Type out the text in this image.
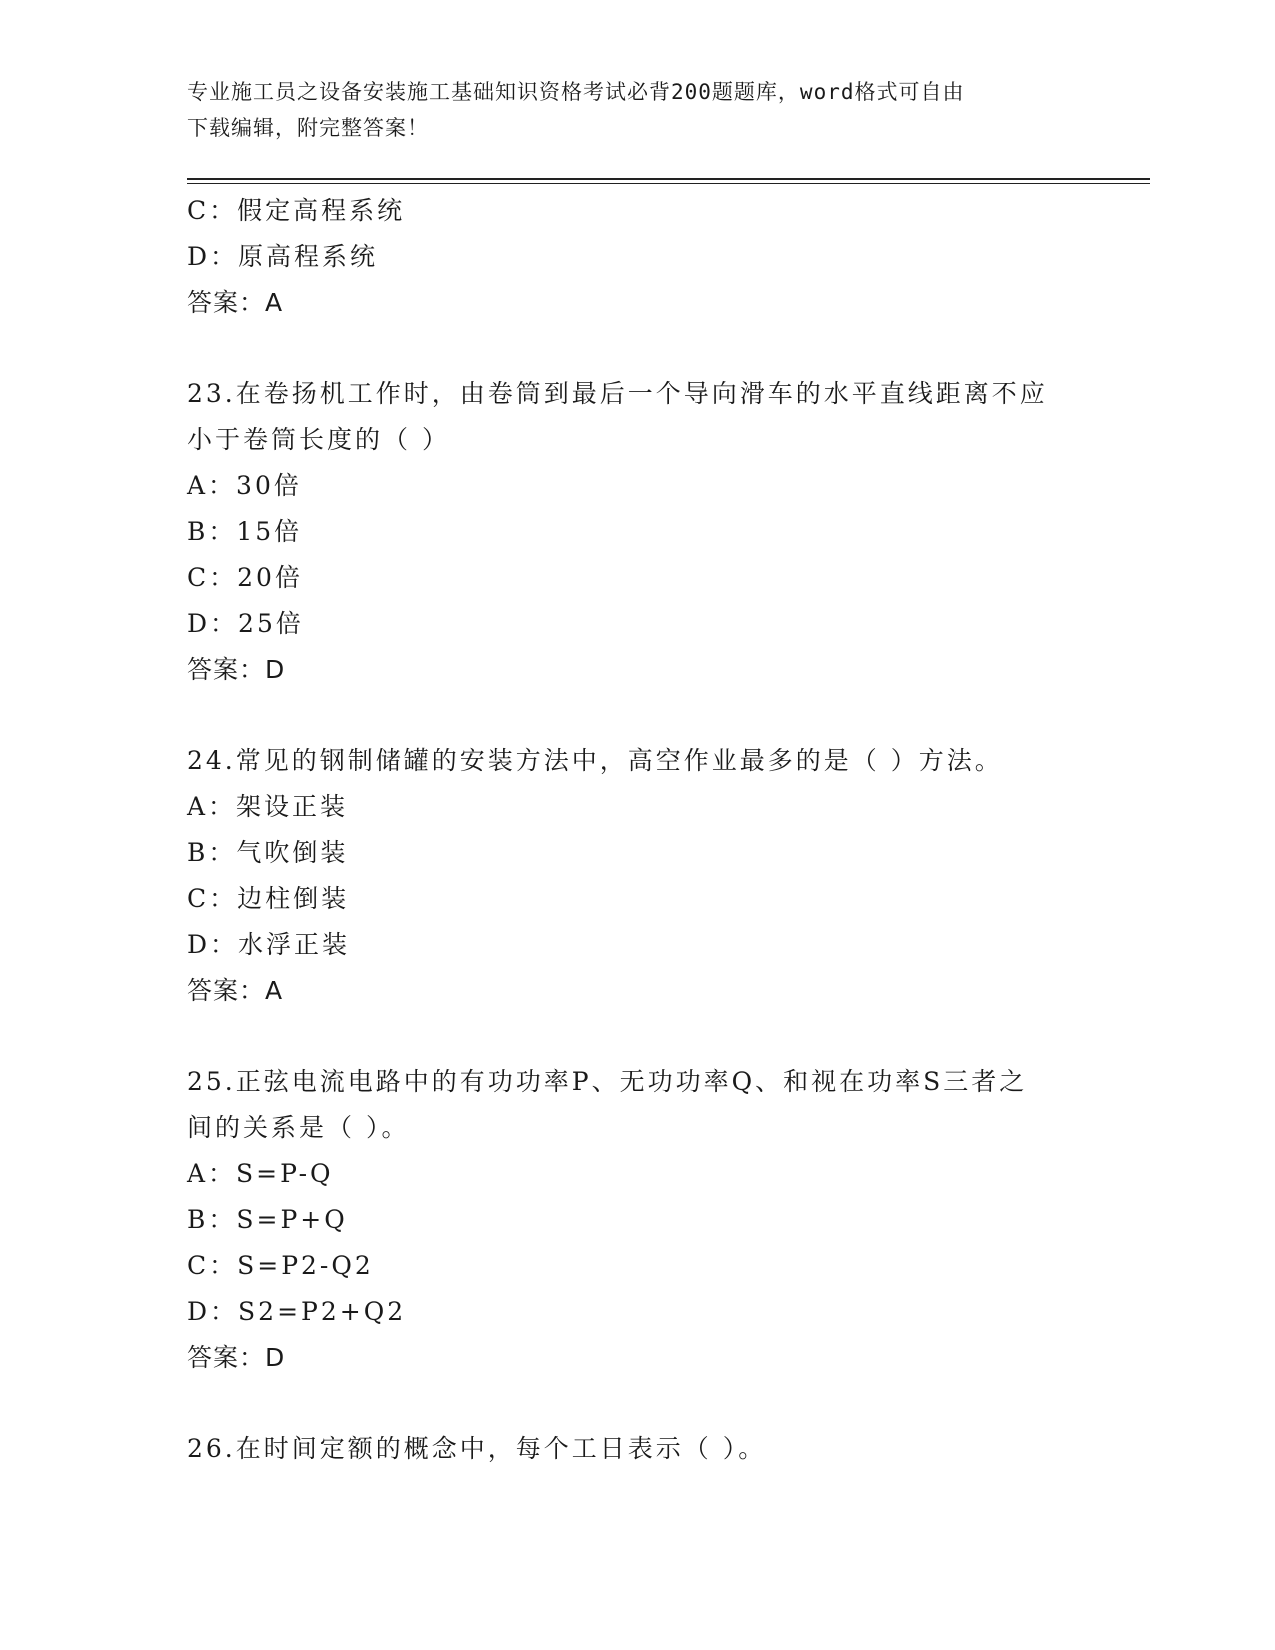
专业施工员之设备安装施工基础知识资格考试必背200题题库，word格式可自由
下载编辑，附完整答案！
C：假定高程系统
D：原高程系统
答案：A
23.在卷扬机工作时，由卷筒到最后一个导向滑车的水平直线距离不应
小于卷筒长度的（ ）
A：30倍
B：15倍
C：20倍
D：25倍
答案：D
24.常见的钢制储罐的安装方法中，高空作业最多的是（ ）方法。
A：架设正装
B：气吹倒装
C：边柱倒装
D：水浮正装
答案：A
25.正弦电流电路中的有功功率P、无功功率Q、和视在功率S三者之
间的关系是（ ）。
A：S=P-Q
B：S=P+Q
C：S=P2-Q2
D：S2=P2+Q2
答案：D
26.在时间定额的概念中，每个工日表示（ ）。
